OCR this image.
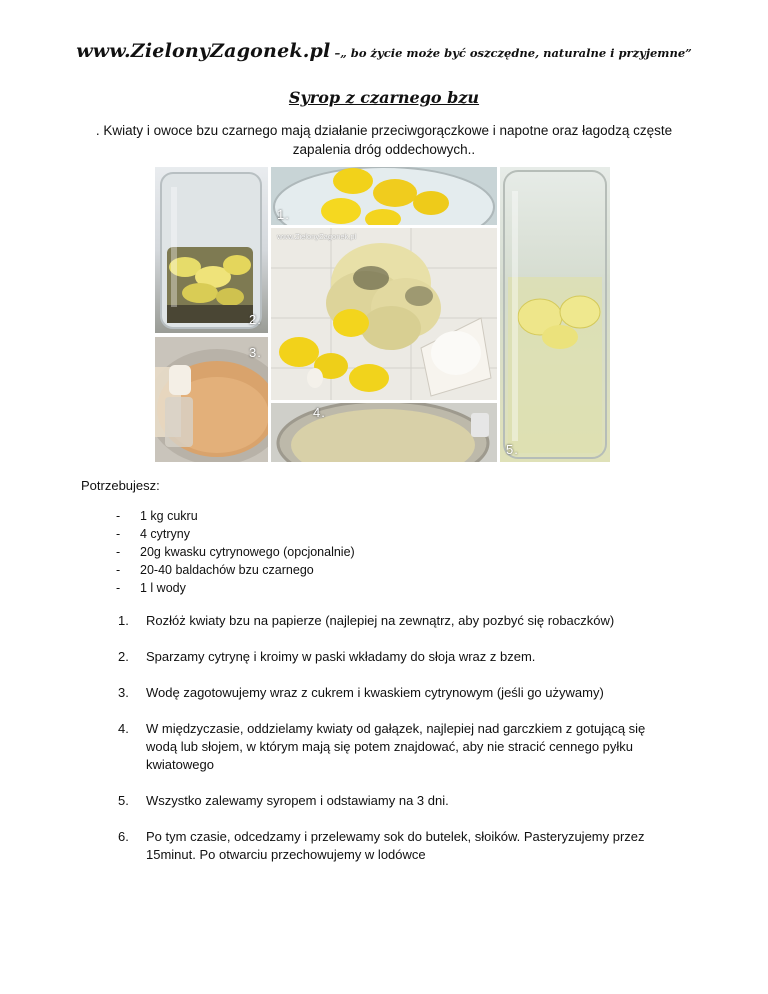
www.ZielonyZagonek.pl –„ bo życie może być oszczędne, naturalne i przyjemne”
Syrop z czarnego bzu
. Kwiaty i owoce bzu czarnego mają działanie przeciwgorączkowe i napotne oraz łagodzą częste
zapalenia dróg oddechowych..
2.
3.
1.
www.ZielonyZagonek.pl
4.
5.
Potrzebujesz:
- 1 kg cukru
- 4 cytryny
- 20g kwasku cytrynowego (opcjonalnie)
- 20-40 baldachów bzu czarnego
- 1 l wody
1. Rozłóż kwiaty bzu na papierze (najlepiej na zewnątrz, aby pozbyć się robaczków)
2. Sparzamy cytrynę i kroimy w paski wkładamy do słoja wraz z bzem.
3. Wodę zagotowujemy wraz z cukrem i kwaskiem cytrynowym (jeśli go używamy)
4. W międzyczasie, oddzielamy kwiaty od gałązek, najlepiej nad garczkiem z gotującą się wodą lub słojem, w którym mają się potem znajdować, aby nie stracić cennego pyłku kwiatowego
5. Wszystko zalewamy syropem i odstawiamy na 3 dni.
6. Po tym czasie, odcedzamy i przelewamy sok do butelek, słoików. Pasteryzujemy przez 15minut. Po otwarciu przechowujemy w lodówce
